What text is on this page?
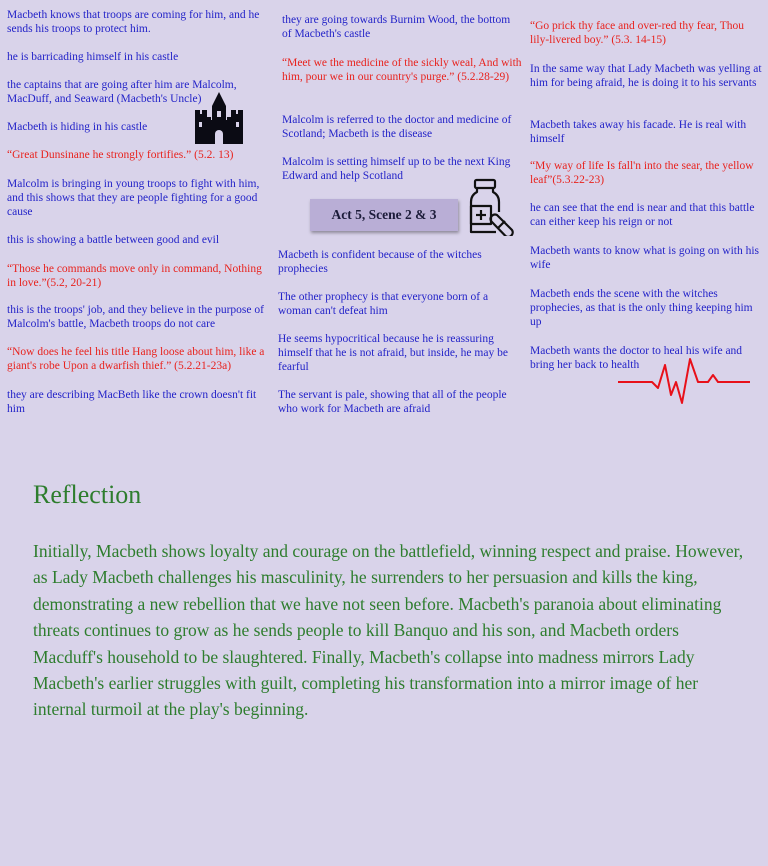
Macbeth knows that troops are coming for him, and he sends his troops to protect him.

he is barricading himself in his castle

the captains that are going after him are Malcolm, MacDuff, and Seaward (Macbeth's Uncle)

Macbeth is hiding in his castle

“Great Dunsinane he strongly fortifies.” (5.2. 13)

Malcolm is bringing in young troops to fight with him, and this shows that they are people fighting for a good cause

this is showing a battle between good and evil

“Those he commands move only in command, Nothing in love.”(5.2, 20-21)

this is the troops' job, and they believe in the purpose of Malcolm's battle, Macbeth troops do not care

“Now does he feel his title Hang loose about him, like a giant's robe Upon a dwarfish thief.” (5.2.21-23a)

they are describing MacBeth like the crown doesn't fit him

they are going towards Burnim Wood, the bottom of Macbeth's castle

“Meet we the medicine of the sickly weal, And with him, pour we in our country's purge.” (5.2.28-29)

Malcolm is referred to the doctor and medicine of Scotland; Macbeth is the disease

Malcolm is setting himself up to be the next King Edward and help Scotland

Macbeth is confident because of the witches prophecies

The other prophecy is that everyone born of a woman can't defeat him

He seems hypocritical because he is reassuring himself that he is not afraid, but inside, he may be fearful

The servant is pale, showing that all of the people who work for Macbeth are afraid

“Go prick thy face and over-red thy fear, Thou lily-livered boy.” (5.3. 14-15)

In the same way that Lady Macbeth was yelling at him for being afraid, he is doing it to his servants

Macbeth takes away his facade. He is real with himself

“My way of life Is fall'n into the sear, the yellow leaf”(5.3.22-23)

he can see that the end is near and that this battle can either keep his reign or not

Macbeth wants to know what is going on with his wife

Macbeth ends the scene with the witches prophecies, as that is the only thing keeping him up

Macbeth wants the doctor to heal his wife and bring her back to health

Act 5, Scene 2 & 3
Reflection

Initially, Macbeth shows loyalty and courage on the battlefield, winning respect and praise. However, as Lady Macbeth challenges his masculinity, he surrenders to her persuasion and kills the king, demonstrating a new rebellion that we have not seen before. Macbeth's paranoia about eliminating threats continues to grow as he sends people to kill Banquo and his son, and Macbeth orders Macduff's household to be slaughtered. Finally, Macbeth's collapse into madness mirrors Lady Macbeth's earlier struggles with guilt, completing his transformation into a mirror image of her internal turmoil at the play's beginning.
